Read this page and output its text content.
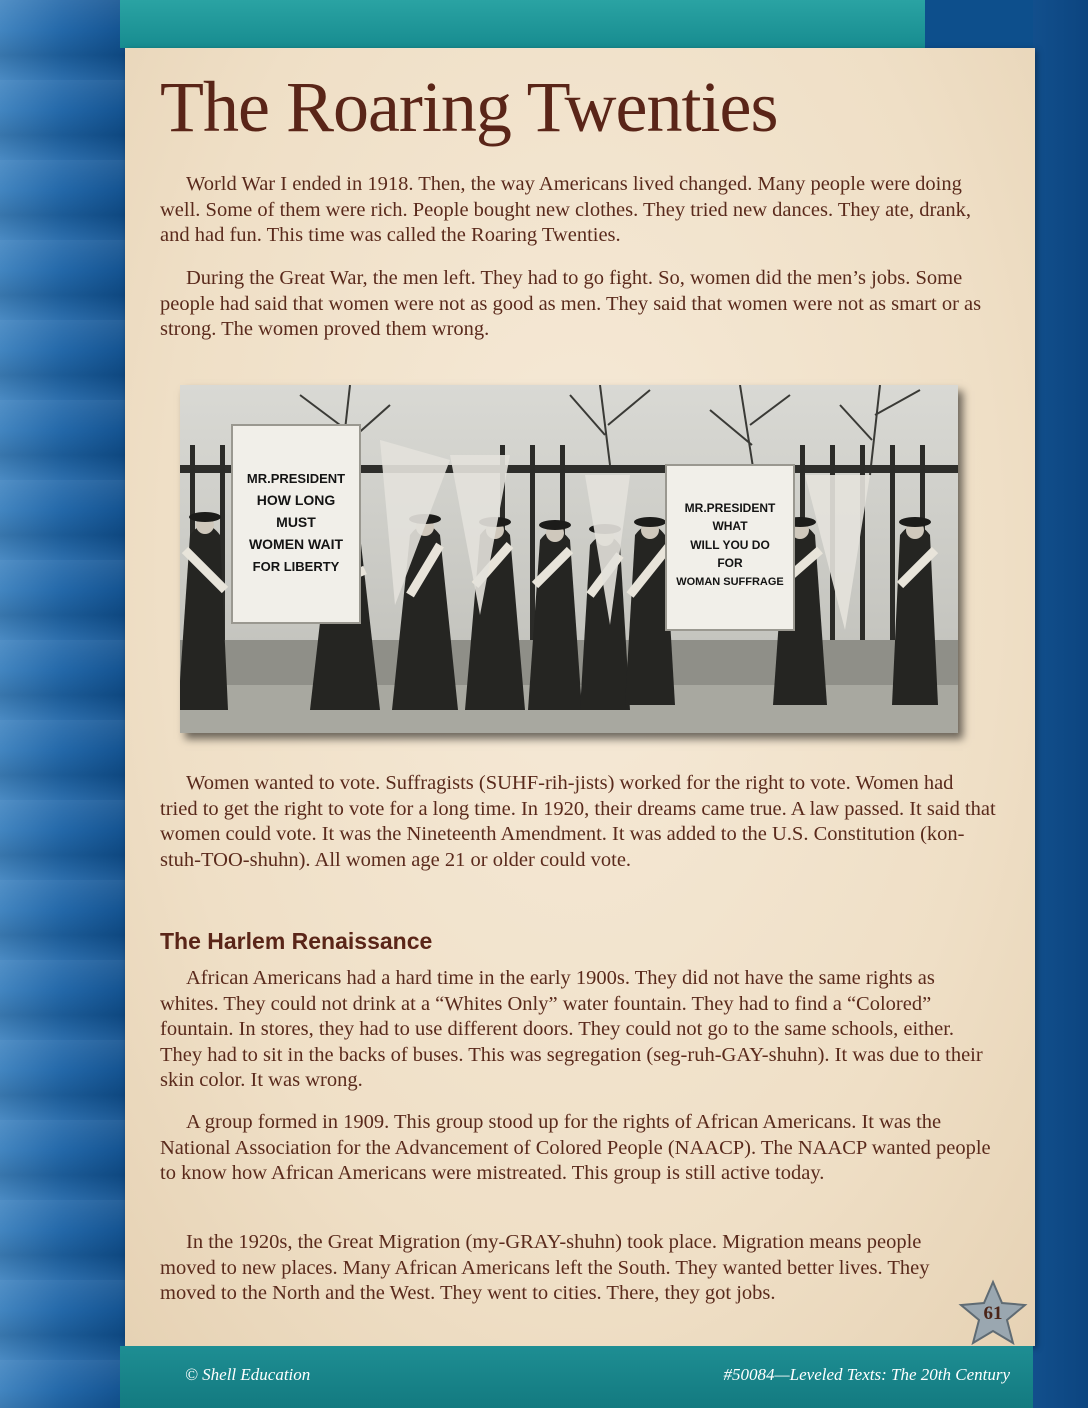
The Roaring Twenties

World War I ended in 1918. Then, the way Americans lived changed. Many people were doing well. Some of them were rich. People bought new clothes. They tried new dances. They ate, drank, and had fun. This time was called the Roaring Twenties.

During the Great War, the men left. They had to go fight. So, women did the men’s jobs. Some people had said that women were not as good as men. They said that women were not as smart or as strong. The women proved them wrong.

MR.PRESIDENT
HOW LONG
MUST
WOMEN WAIT
FOR LIBERTY
MR.PRESIDENT
WHAT
WILL YOU DO
FOR
WOMAN SUFFRAGE

Women wanted to vote. Suffragists (SUHF-rih-jists) worked for the right to vote. Women had tried to get the right to vote for a long time. In 1920, their dreams came true. A law passed. It said that women could vote. It was the Nineteenth Amendment. It was added to the U.S. Constitution (kon-stuh-TOO-shuhn). All women age 21 or older could vote.

The Harlem Renaissance

African Americans had a hard time in the early 1900s. They did not have the same rights as whites. They could not drink at a “Whites Only” water fountain. They had to find a “Colored” fountain. In stores, they had to use different doors. They could not go to the same schools, either. They had to sit in the backs of buses. This was segregation (seg-ruh-GAY-shuhn). It was due to their skin color. It was wrong.

A group formed in 1909. This group stood up for the rights of African Americans. It was the National Association for the Advancement of Colored People (NAACP). The NAACP wanted people to know how African Americans were mistreated. This group is still active today.

In the 1920s, the Great Migration (my-GRAY-shuhn) took place. Migration means people moved to new places. Many African Americans left the South. They wanted better lives. They moved to the North and the West. They went to cities. There, they got jobs.

61

© Shell Education	#50084—Leveled Texts: The 20th Century
